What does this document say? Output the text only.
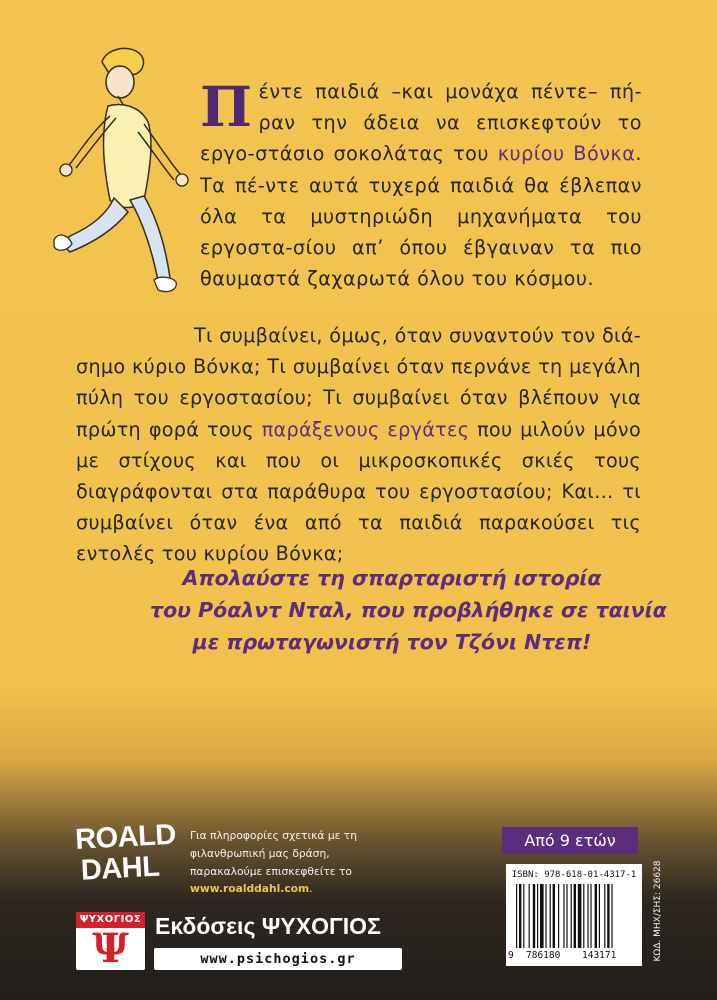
Πέντε παιδιά –και μονάχα πέντε– πή-ραν την άδεια να επισκεφτούν το εργο-στάσιο σοκολάτας του κυρίου Βόνκα. Τα πέ-ντε αυτά τυχερά παιδιά θα έβλεπαν όλα τα μυστηριώδη μηχανήματα του εργοστα-σίου απ’ όπου έβγαιναν τα πιο θαυμαστά ζαχαρωτά όλου του κόσμου.
Τι συμβαίνει, όμως, όταν συναντούν τον διά-σημο κύριο Βόνκα; Τι συμβαίνει όταν περνάνε τη μεγάλη πύλη του εργοστασίου; Τι συμβαίνει όταν βλέπουν για πρώτη φορά τους παράξενους εργάτες που μιλούν μόνο με στίχους και που οι μικροσκοπικές σκιές τους διαγράφονται στα παράθυρα του εργοστασίου; Και… τι συμβαίνει όταν ένα από τα παιδιά παρακούσει τις εντολές του κυρίου Βόνκα;
Απολαύστε τη σπαρταριστή ιστορία
του Ρόαλντ Νταλ, που προβλήθηκε σε ταινία
με πρωταγωνιστή τον Τζόνι Ντεπ!
ROALD
DAHL
Για πληροφορίες σχετικά με τη φιλανθρωπική μας δράση, παρακαλούμε επισκεφθείτε το www.roalddahl.com.
ΨΥΧΟΓΙΟΣ
Ψ	Εκδόσεις ΨΥΧΟΓΙΟΣ
www.psichogios.gr
Από 9 ετών
ISBN: 978-618-01-4317-1
9 786180 143171	ΚΩΔ. ΜΗΧ/ΣΗΣ: 26628
